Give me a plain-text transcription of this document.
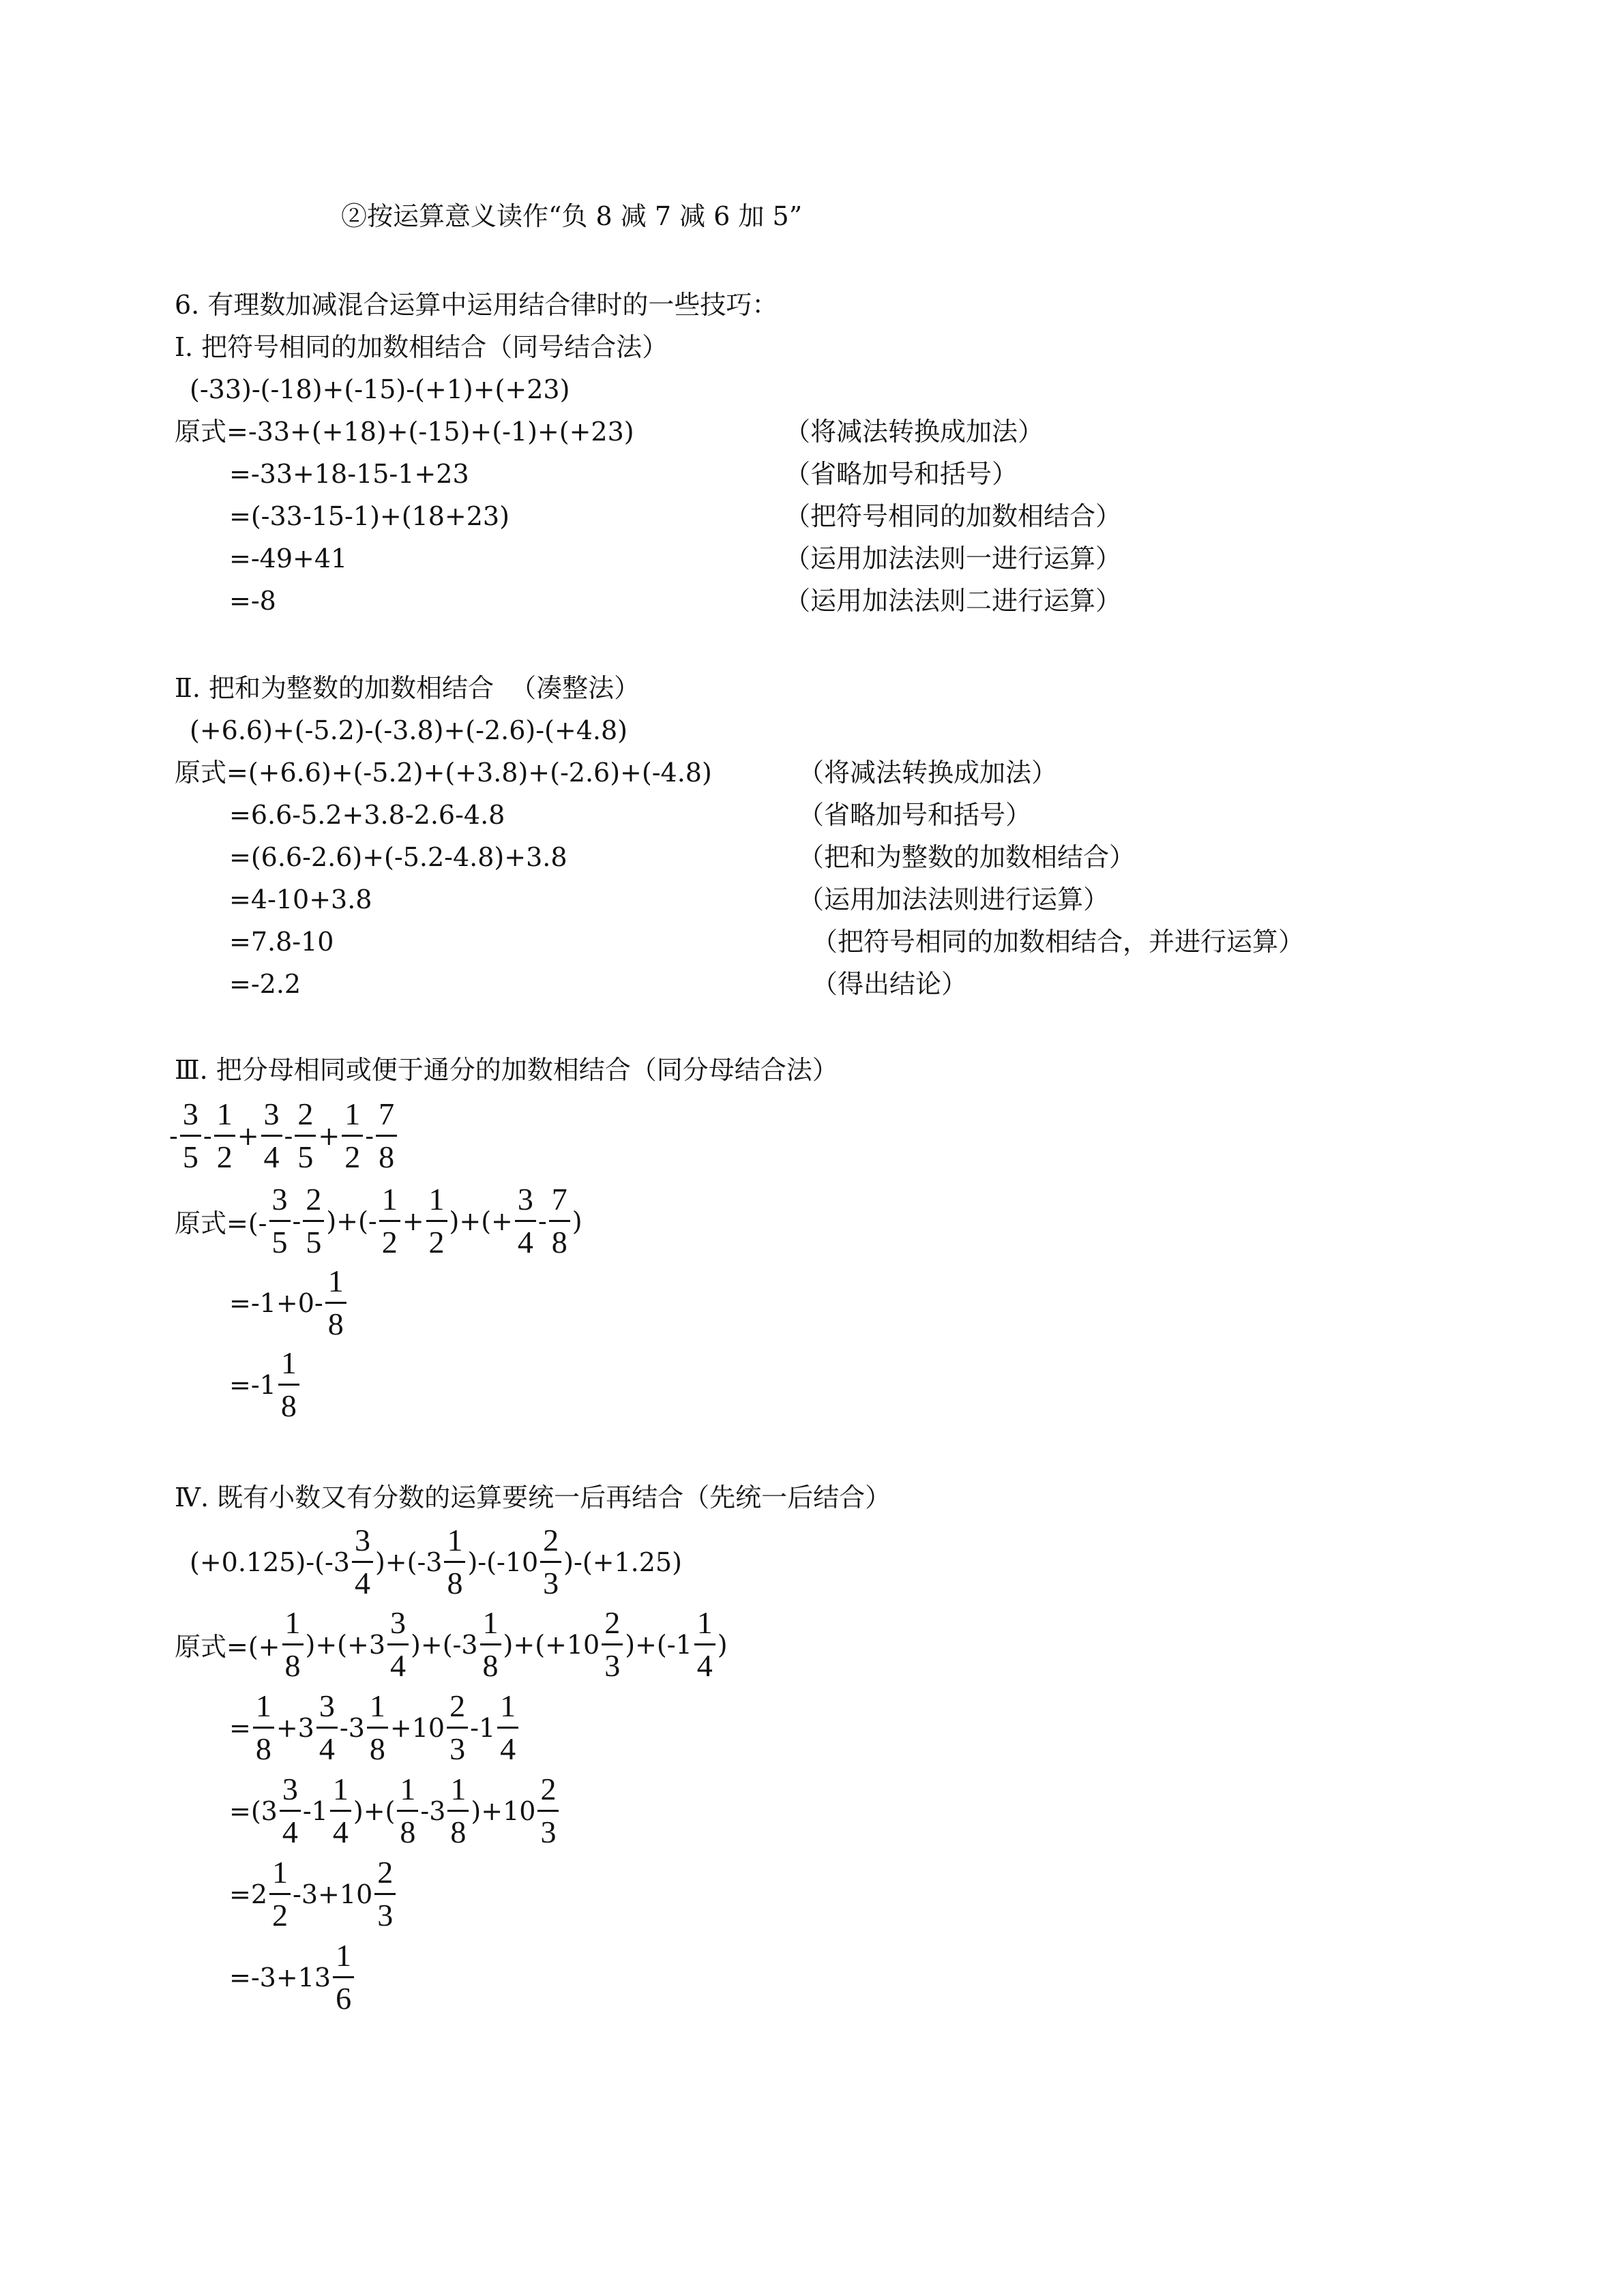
②按运算意义读作“负 8 减 7 减 6 加 5”
6. 有理数加减混合运算中运用结合律时的一些技巧：
Ⅰ. 把符号相同的加数相结合（同号结合法）
(-33)-(-18)+(-15)-(+1)+(+23)
原式=-33+(+18)+(-15)+(-1)+(+23)	（将减法转换成加法）
=-33+18-15-1+23	（省略加号和括号）
=(-33-15-1)+(18+23)	（把符号相同的加数相结合）
=-49+41	（运用加法法则一进行运算）
=-8	（运用加法法则二进行运算）
Ⅱ. 把和为整数的加数相结合  （凑整法）
(+6.6)+(-5.2)-(-3.8)+(-2.6)-(+4.8)
原式=(+6.6)+(-5.2)+(+3.8)+(-2.6)+(-4.8)	（将减法转换成加法）
=6.6-5.2+3.8-2.6-4.8	（省略加号和括号）
=(6.6-2.6)+(-5.2-4.8)+3.8	（把和为整数的加数相结合）
=4-10+3.8	（运用加法法则进行运算）
=7.8-10	（把符号相同的加数相结合，并进行运算）
=-2.2	（得出结论）
Ⅲ. 把分母相同或便于通分的加数相结合（同分母结合法）
- $\frac{3}{5} - \frac{1}{2} + \frac{3}{4} - \frac{2}{5} + \frac{1}{2} - \frac{7}{8}$
原式=(- $\frac{3}{5} - \frac{2}{5}$ )+(- $\frac{1}{2} + \frac{1}{2}$ )+(+ $\frac{3}{4} - \frac{7}{8}$ )
$=-1+0- \frac{1}{8}$
$=-1 \frac{1}{8}$
Ⅳ. 既有小数又有分数的运算要统一后再结合（先统一后结合）
$(+0.125)-(-3 \frac{3}{4} )+(-3 \frac{1}{8} )-(-10 \frac{2}{3} )-(+1.25)$
原式=(+ $\frac{1}{8} )+(+3 \frac{3}{4} )+(-3 \frac{1}{8} )+(+10 \frac{2}{3} )+(-1 \frac{1}{4}$ )
= $\frac{1}{8} +3 \frac{3}{4} -3 \frac{1}{8} +10 \frac{2}{3} -1 \frac{1}{4}$
$=(3 \frac{3}{4} -1 \frac{1}{4}$ )+( $\frac{1}{8} -3 \frac{1}{8} )+10 \frac{2}{3}$
$=2 \frac{1}{2} -3+10 \frac{2}{3}$
$=-3+13 \frac{1}{6}$
